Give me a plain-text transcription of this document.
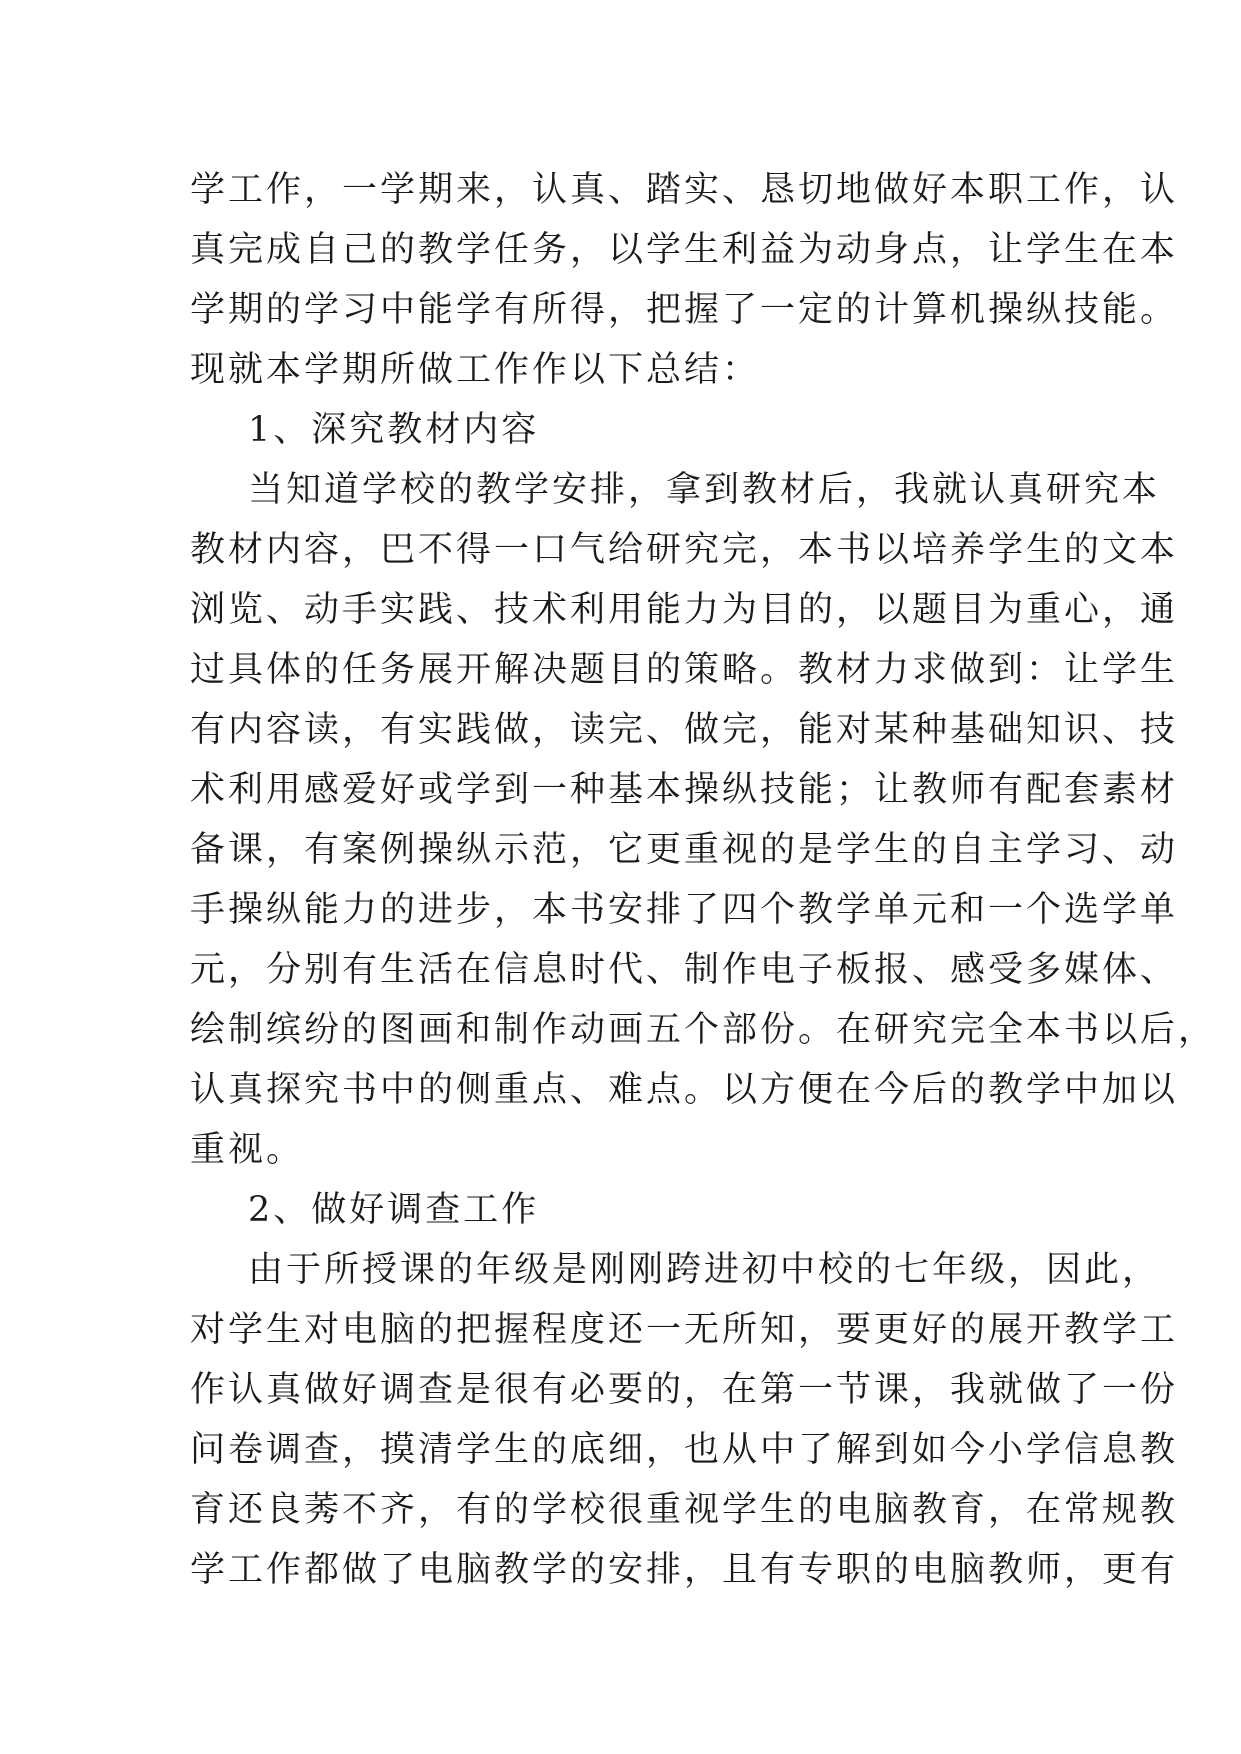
学工作，一学期来，认真、踏实、恳切地做好本职工作，认
真完成自己的教学任务，以学生利益为动身点，让学生在本
学期的学习中能学有所得，把握了一定的计算机操纵技能。
现就本学期所做工作作以下总结：
1、深究教材内容
当知道学校的教学安排，拿到教材后，我就认真研究本
教材内容，巴不得一口气给研究完，本书以培养学生的文本
浏览、动手实践、技术利用能力为目的，以题目为重心，通
过具体的任务展开解决题目的策略。教材力求做到：让学生
有内容读，有实践做，读完、做完，能对某种基础知识、技
术利用感爱好或学到一种基本操纵技能；让教师有配套素材
备课，有案例操纵示范，它更重视的是学生的自主学习、动
手操纵能力的进步，本书安排了四个教学单元和一个选学单
元，分别有生活在信息时代、制作电子板报、感受多媒体、
绘制缤纷的图画和制作动画五个部份。在研究完全本书以后，
认真探究书中的侧重点、难点。以方便在今后的教学中加以
重视。
2、做好调查工作
由于所授课的年级是刚刚跨进初中校的七年级，因此，
对学生对电脑的把握程度还一无所知，要更好的展开教学工
作认真做好调查是很有必要的，在第一节课，我就做了一份
问卷调查，摸清学生的底细，也从中了解到如今小学信息教
育还良莠不齐，有的学校很重视学生的电脑教育，在常规教
学工作都做了电脑教学的安排，且有专职的电脑教师，更有
